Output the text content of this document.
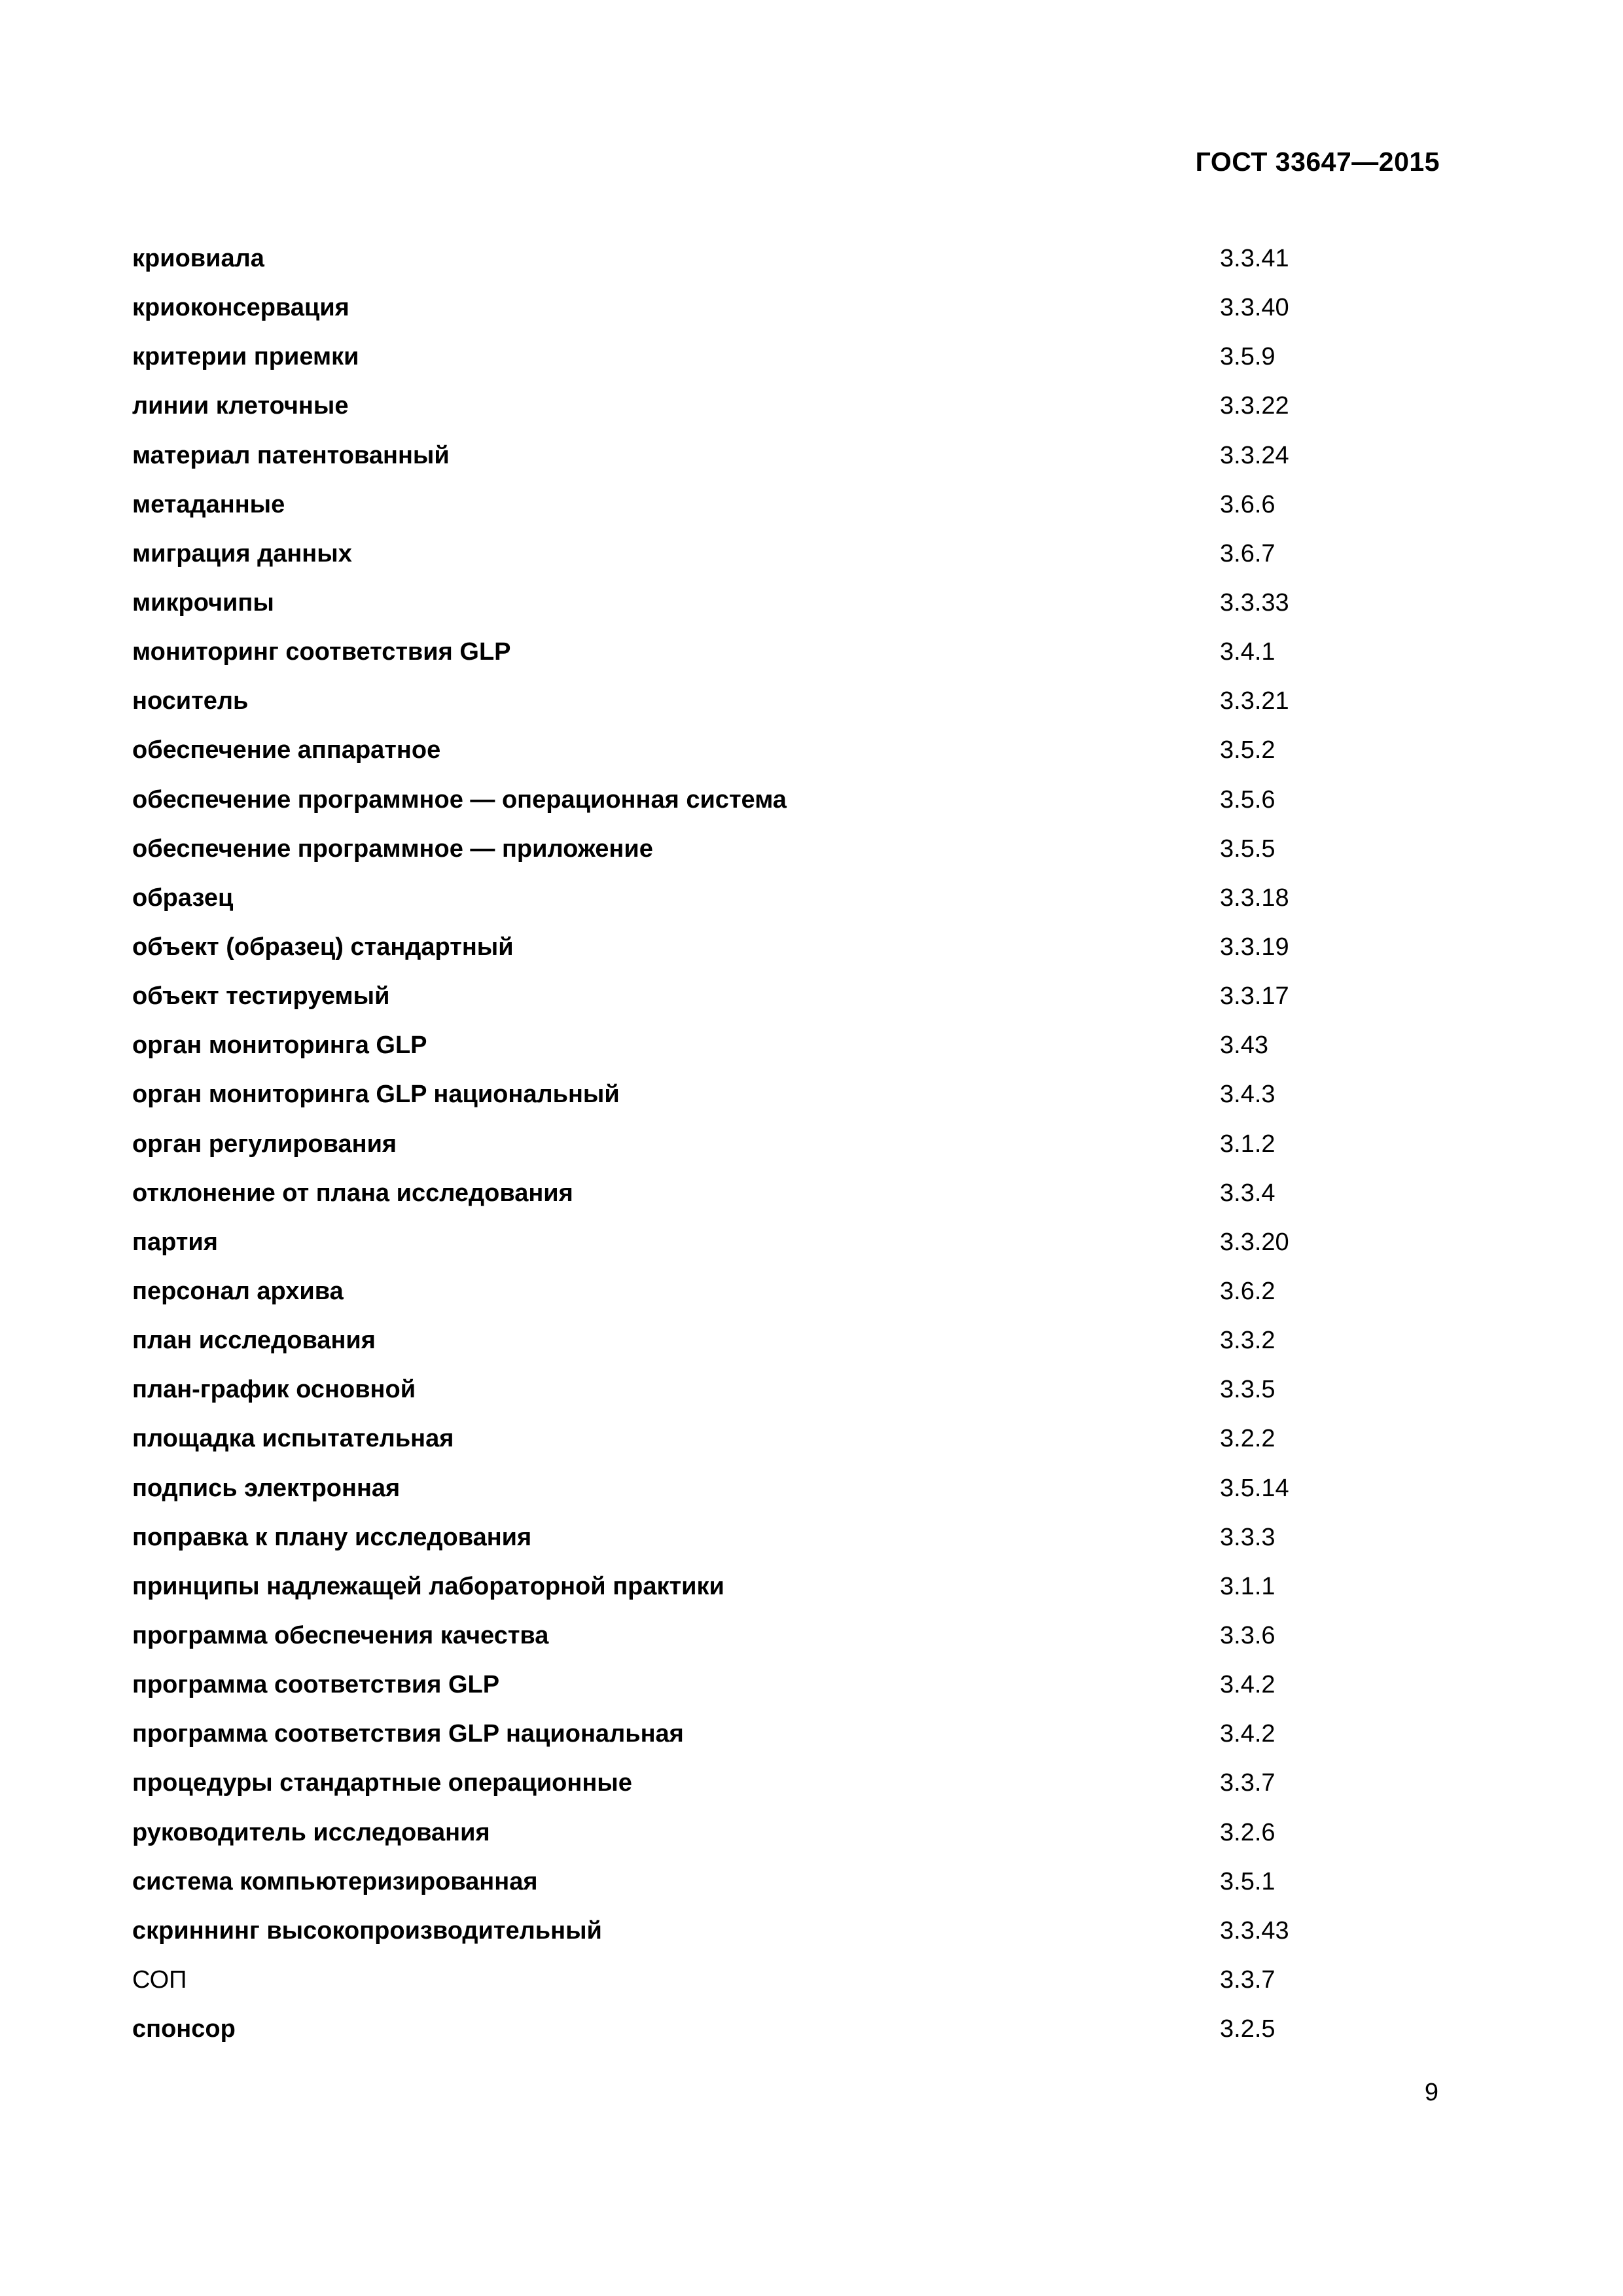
ГОСТ 33647—2015
криовиала	3.3.41
криоконсервация	3.3.40
критерии приемки	3.5.9
линии клеточные	3.3.22
материал патентованный	3.3.24
метаданные	3.6.6
миграция данных	3.6.7
микрочипы	3.3.33
мониторинг соответствия GLP	3.4.1
носитель	3.3.21
обеспечение аппаратное	3.5.2
обеспечение программное — операционная система	3.5.6
обеспечение программное — приложение	3.5.5
образец	3.3.18
объект (образец) стандартный	3.3.19
объект тестируемый	3.3.17
орган мониторинга GLP	3.43
орган мониторинга GLP национальный	3.4.3
орган регулирования	3.1.2
отклонение от плана исследования	3.3.4
партия	3.3.20
персонал архива	3.6.2
план исследования	3.3.2
план-график основной	3.3.5
площадка испытательная	3.2.2
подпись электронная	3.5.14
поправка к плану исследования	3.3.3
принципы надлежащей лабораторной практики	3.1.1
программа обеспечения качества	3.3.6
программа соответствия GLP	3.4.2
программа соответствия GLP национальная	3.4.2
процедуры стандартные операционные	3.3.7
руководитель исследования	3.2.6
система компьютеризированная	3.5.1
скриннинг высокопроизводительный	3.3.43
СОП	3.3.7
спонсор	3.2.5
9
